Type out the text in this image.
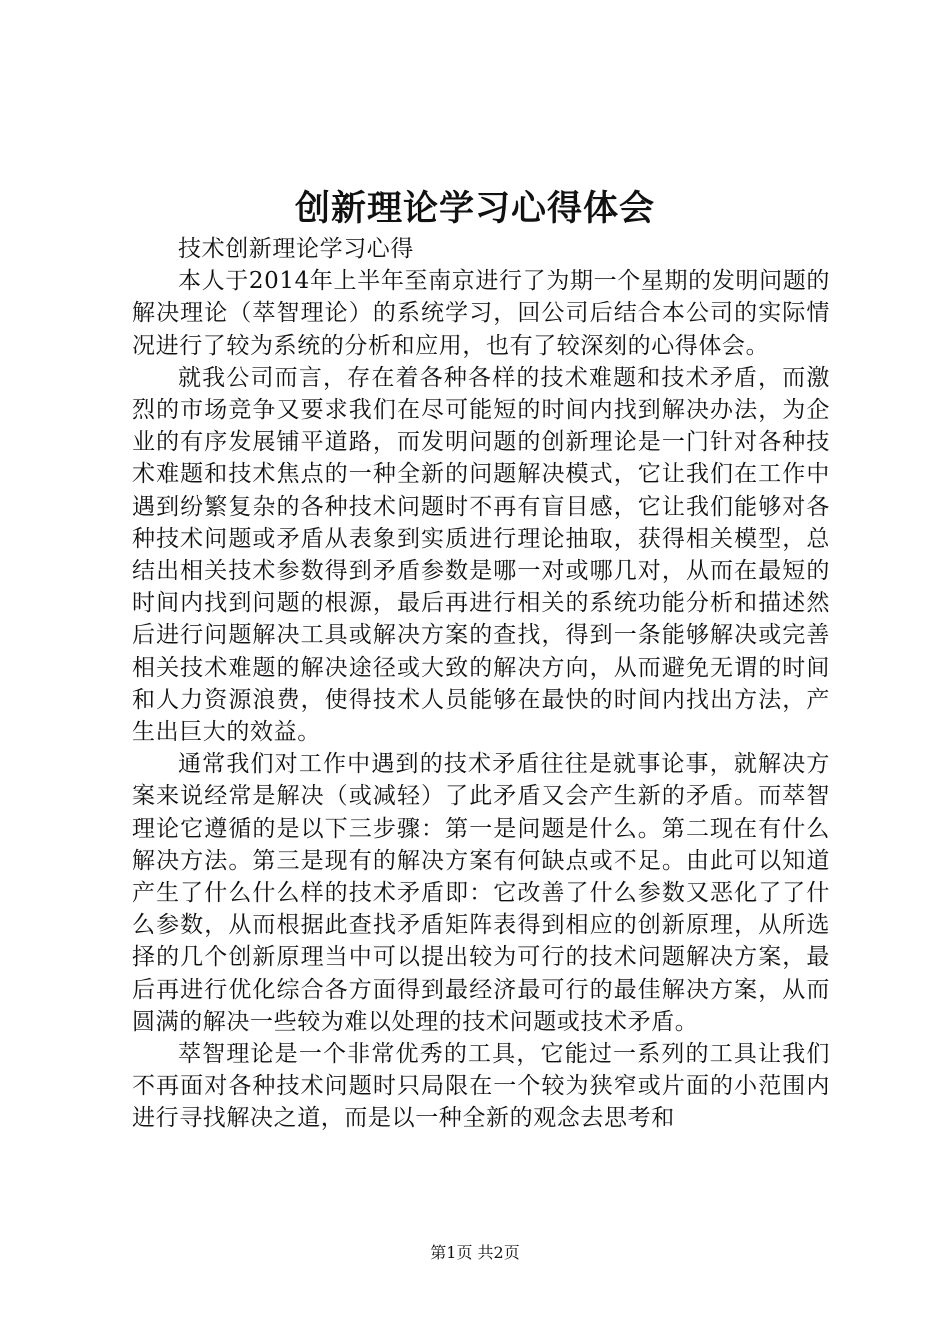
创新理论学习心得体会

技术创新理论学习心得

本人于2014年上半年至南京进行了为期一个星期的发明问题的解决理论（萃智理论）的系统学习，回公司后结合本公司的实际情况进行了较为系统的分析和应用，也有了较深刻的心得体会。

就我公司而言，存在着各种各样的技术难题和技术矛盾，而激烈的市场竞争又要求我们在尽可能短的时间内找到解决办法，为企业的有序发展铺平道路，而发明问题的创新理论是一门针对各种技术难题和技术焦点的一种全新的问题解决模式，它让我们在工作中遇到纷繁复杂的各种技术问题时不再有盲目感，它让我们能够对各种技术问题或矛盾从表象到实质进行理论抽取，获得相关模型，总结出相关技术参数得到矛盾参数是哪一对或哪几对，从而在最短的时间内找到问题的根源，最后再进行相关的系统功能分析和描述然后进行问题解决工具或解决方案的查找，得到一条能够解决或完善相关技术难题的解决途径或大致的解决方向，从而避免无谓的时间和人力资源浪费，使得技术人员能够在最快的时间内找出方法，产生出巨大的效益。

通常我们对工作中遇到的技术矛盾往往是就事论事，就解决方案来说经常是解决（或减轻）了此矛盾又会产生新的矛盾。而萃智理论它遵循的是以下三步骤：第一是问题是什么。第二现在有什么解决方法。第三是现有的解决方案有何缺点或不足。由此可以知道产生了什么什么样的技术矛盾即：它改善了什么参数又恶化了了什么参数，从而根据此查找矛盾矩阵表得到相应的创新原理，从所选择的几个创新原理当中可以提出较为可行的技术问题解决方案，最后再进行优化综合各方面得到最经济最可行的最佳解决方案，从而圆满的解决一些较为难以处理的技术问题或技术矛盾。

萃智理论是一个非常优秀的工具，它能过一系列的工具让我们不再面对各种技术问题时只局限在一个较为狭窄或片面的小范围内进行寻找解决之道，而是以一种全新的观念去思考和

第1页 共2页
